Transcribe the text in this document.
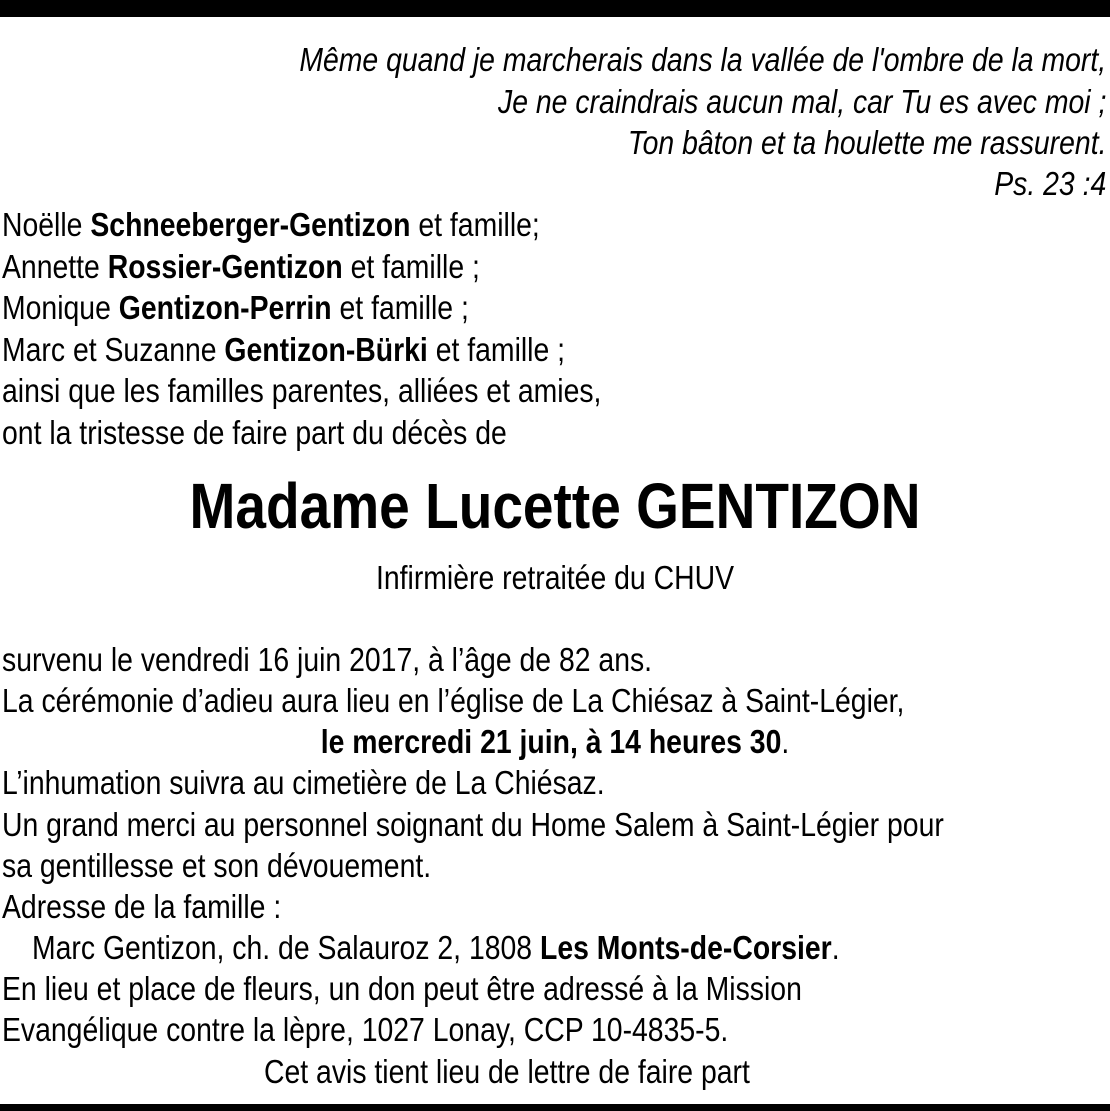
Même quand je marcherais dans la vallée de l'ombre de la mort,
Je ne craindrais aucun mal, car Tu es avec moi ;
Ton bâton et ta houlette me rassurent.
Ps. 23 :4
Noëlle Schneeberger-Gentizon et famille;
Annette Rossier-Gentizon et famille ;
Monique Gentizon-Perrin et famille ;
Marc et Suzanne Gentizon-Bürki et famille ;
ainsi que les familles parentes, alliées et amies,
ont la tristesse de faire part du décès de
Madame Lucette GENTIZON
Infirmière retraitée du CHUV
survenu le vendredi 16 juin 2017, à l’âge de 82 ans.
La cérémonie d’adieu aura lieu en l’église de La Chiésaz à Saint-Légier,
le mercredi 21 juin, à 14 heures 30.
L’inhumation suivra au cimetière de La Chiésaz.
Un grand merci au personnel soignant du Home Salem à Saint-Légier pour
sa gentillesse et son dévouement.
Adresse de la famille :
Marc Gentizon, ch. de Salauroz 2, 1808 Les Monts-de-Corsier.
En lieu et place de fleurs, un don peut être adressé à la Mission
Evangélique contre la lèpre, 1027 Lonay, CCP 10-4835-5.
Cet avis tient lieu de lettre de faire part
